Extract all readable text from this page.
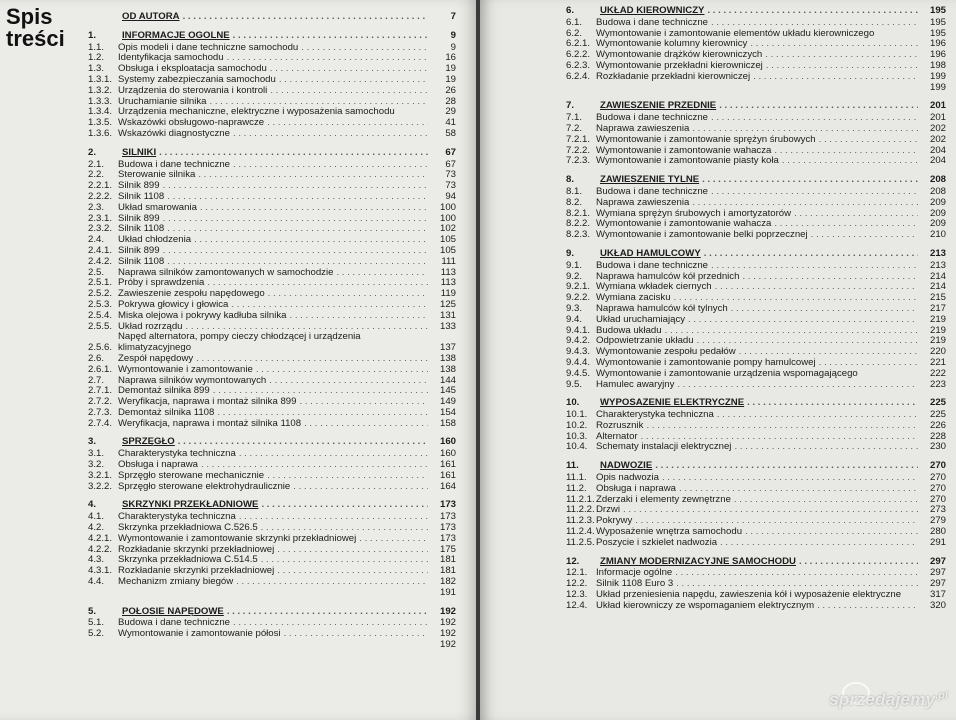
Spis
treści
OD AUTORA . . .	7
1.	INFORMACJE OGÓLNE . . .	9
1.1.	Opis modeli i dane techniczne samochodu . . .	9
1.2.	Identyfikacja samochodu . . .	16
1.3.	Obsługa i eksploatacja samochodu . . .	19
1.3.1. Systemy zabezpieczania samochodu . . .	19
1.3.2. Urządzenia do sterowania i kontroli . . .	26
1.3.3. Uruchamianie silnika . . .	28
1.3.4. Urządzenia mechaniczne, elektryczne i wyposażenia samochodu	29
1.3.5. Wskazówki obsługowo-naprawcze . . .	41
1.3.6. Wskazówki diagnostyczne . . .	58
2.	SILNIKI . . .	67
2.1.	Budowa i dane techniczne . . .	67
2.2.	Sterowanie silnika . . .	73
2.2.1. Silnik 899 . . .	73
2.2.2. Silnik 1108 . . .	94
2.3.	Układ smarowania . . .	100
2.3.1. Silnik 899 . . .	100
2.3.2. Silnik 1108 . . .	102
2.4.	Układ chłodzenia . . .	105
2.4.1. Silnik 899 . . .	105
2.4.2. Silnik 1108 . . .	111
2.5.	Naprawa silników zamontowanych w samochodzie . . .	113
2.5.1. Próby i sprawdzenia . . .	113
2.5.2. Zawieszenie zespołu napędowego . . .	119
2.5.3. Pokrywa głowicy i głowica . . .	125
2.5.4. Miska olejowa i pokrywy kadłuba silnika . . .	131
2.5.5. Układ rozrządu . . .	133
2.5.6.
Napęd alternatora, pompy cieczy chłodzącej i urządzenia klimatyzacyjnego	137
2.6.	Zespół napędowy . . .	138
2.6.1. Wymontowanie i zamontowanie . . .	138
2.7.	Naprawa silników wymontowanych . . .	144
2.7.1. Demontaż silnika 899 . . .	145
2.7.2. Weryfikacja, naprawa i montaż silnika 899 . . .	149
2.7.3. Demontaż silnika 1108 . . .	154
2.7.4. Weryfikacja, naprawa i montaż silnika 1108 . . .	158
3.	SPRZĘGŁO . . .	160
3.1.	Charakterystyka techniczna . . .	160
3.2.	Obsługa i naprawa . . .	161
3.2.1. Sprzęgło sterowane mechanicznie . . .	161
3.2.2. Sprzęgło sterowane elektrohydraulicznie . . .	164
4.	SKRZYNKI PRZEKŁADNIOWE . . .	173
4.1.	Charakterystyka techniczna . . .	173
4.2.	Skrzynka przekładniowa C.526.5 . . .	173
4.2.1. Wymontowanie i zamontowanie skrzynki przekładniowej . . .	173
4.2.2. Rozkładanie skrzynki przekładniowej . . .	175
4.3.	Skrzynka przekładniowa C.514.5 . . .	181
4.3.1. Rozkładanie skrzynki przekładniowej . . .	181
4.4.	Mechanizm zmiany biegów . . .	182
191
5.	PÓŁOSIE NAPĘDOWE . . .	192
5.1.	Budowa i dane techniczne . . .	192
5.2.	Wymontowanie i zamontowanie półosi . . .	192
192
6.	UKŁAD KIEROWNICZY . . .	195
6.1.	Budowa i dane techniczne . . .	195
6.2.	Wymontowanie i zamontowanie elementów układu kierowniczego	195
6.2.1. Wymontowanie kolumny kierownicy . . .	196
6.2.2. Wymontowanie drążków kierowniczych . . .	196
6.2.3. Wymontowanie przekładni kierowniczej . . .	198
6.2.4. Rozkładanie przekładni kierowniczej . . .	199
199
7.	ZAWIESZENIE PRZEDNIE . . .	201
7.1.	Budowa i dane techniczne . . .	201
7.2.	Naprawa zawieszenia . . .	202
7.2.1. Wymontowanie i zamontowanie sprężyn śrubowych . . .	202
7.2.2. Wymontowanie i zamontowanie wahacza . . .	204
7.2.3. Wymontowanie i zamontowanie piasty koła . . .	204
8.	ZAWIESZENIE TYLNE . . .	208
8.1.	Budowa i dane techniczne . . .	208
8.2.	Naprawa zawieszenia . . .	209
8.2.1. Wymiana sprężyn śrubowych i amortyzatorów . . .	209
8.2.2. Wymontowanie i zamontowanie wahacza . . .	209
8.2.3. Wymontowanie i zamontowanie belki poprzecznej . . .	210
9.	UKŁAD HAMULCOWY . . .	213
9.1.	Budowa i dane techniczne . . .	213
9.2.	Naprawa hamulców kół przednich . . .	214
9.2.1. Wymiana wkładek ciernych . . .	214
9.2.2. Wymiana zacisku . . .	215
9.3.	Naprawa hamulców kół tylnych . . .	217
9.4.	Układ uruchamiający . . .	219
9.4.1. Budowa układu . . .	219
9.4.2. Odpowietrzanie układu . . .	219
9.4.3. Wymontowanie zespołu pedałów . . .	220
9.4.4. Wymontowanie i zamontowanie pompy hamulcowej . . .	221
9.4.5. Wymontowanie i zamontowanie urządzenia wspomagającego	222
9.5.	Hamulec awaryjny . . .	223
10.	WYPOSAŻENIE ELEKTRYCZNE . . .	225
10.1. Charakterystyka techniczna . . .	225
10.2. Rozrusznik . . .	226
10.3. Alternator . . .	228
10.4. Schematy instalacji elektrycznej . . .	230
11.	NADWOZIE . . .	270
11.1. Opis nadwozia . . .	270
11.2. Obsługa i naprawa . . .	270
11.2.1. Zderzaki i elementy zewnętrzne . . .	270
11.2.2. Drzwi . . .	273
11.2.3. Pokrywy . . .	279
11.2.4. Wyposażenie wnętrza samochodu . . .	280
11.2.5. Poszycie i szkielet nadwozia . . .	291
12.	ZMIANY MODERNIZACYJNE SAMOCHODU . . .	297
12.1. Informacje ogólne . . .	297
12.2. Silnik 1108 Euro 3 . . .	297
12.3. Układ przeniesienia napędu, zawieszenia kół i wyposażenie elektryczne	317
12.4. Układ kierowniczy ze wspomaganiem elektrycznym . . .	320
sprzedajemy$^{.pl}$
